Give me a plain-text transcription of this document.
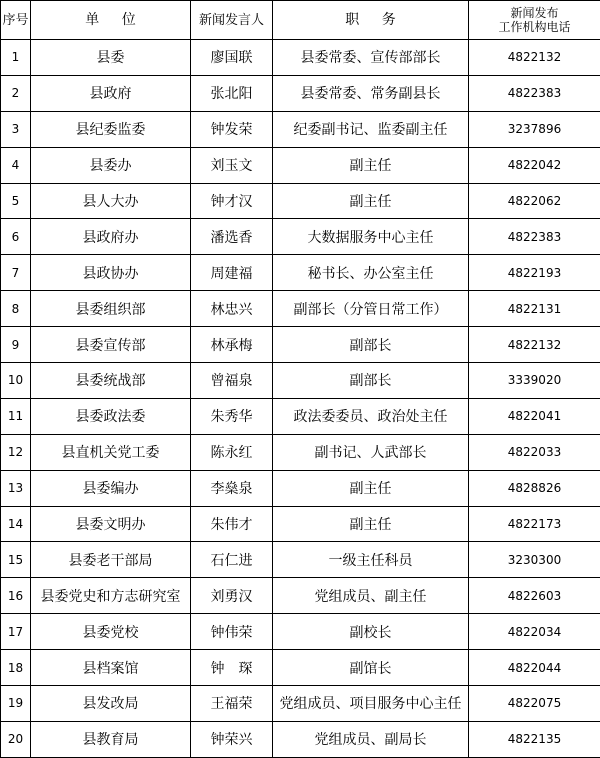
序号	单 位	新闻发言人	职 务	新闻发布
工作机构电话
1	县委	廖国联	县委常委、宣传部部长	4822132
2	县政府	张北阳	县委常委、常务副县长	4822383
3	县纪委监委	钟发荣	纪委副书记、监委副主任	3237896
4	县委办	刘玉文	副主任	4822042
5	县人大办	钟才汉	副主任	4822062
6	县政府办	潘选香	大数据服务中心主任	4822383
7	县政协办	周建福	秘书长、办公室主任	4822193
8	县委组织部	林忠兴	副部长（分管日常工作）	4822131
9	县委宣传部	林承梅	副部长	4822132
10	县委统战部	曾福泉	副部长	3339020
11	县委政法委	朱秀华	政法委委员、政治处主任	4822041
12	县直机关党工委	陈永红	副书记、人武部长	4822033
13	县委编办	李燊泉	副主任	4828826
14	县委文明办	朱伟才	副主任	4822173
15	县委老干部局	石仁进	一级主任科员	3230300
16	县委党史和方志研究室	刘勇汉	党组成员、副主任	4822603
17	县委党校	钟伟荣	副校长	4822034
18	县档案馆	钟　琛	副馆长	4822044
19	县发改局	王福荣	党组成员、项目服务中心主任	4822075
20	县教育局	钟荣兴	党组成员、副局长	4822135
